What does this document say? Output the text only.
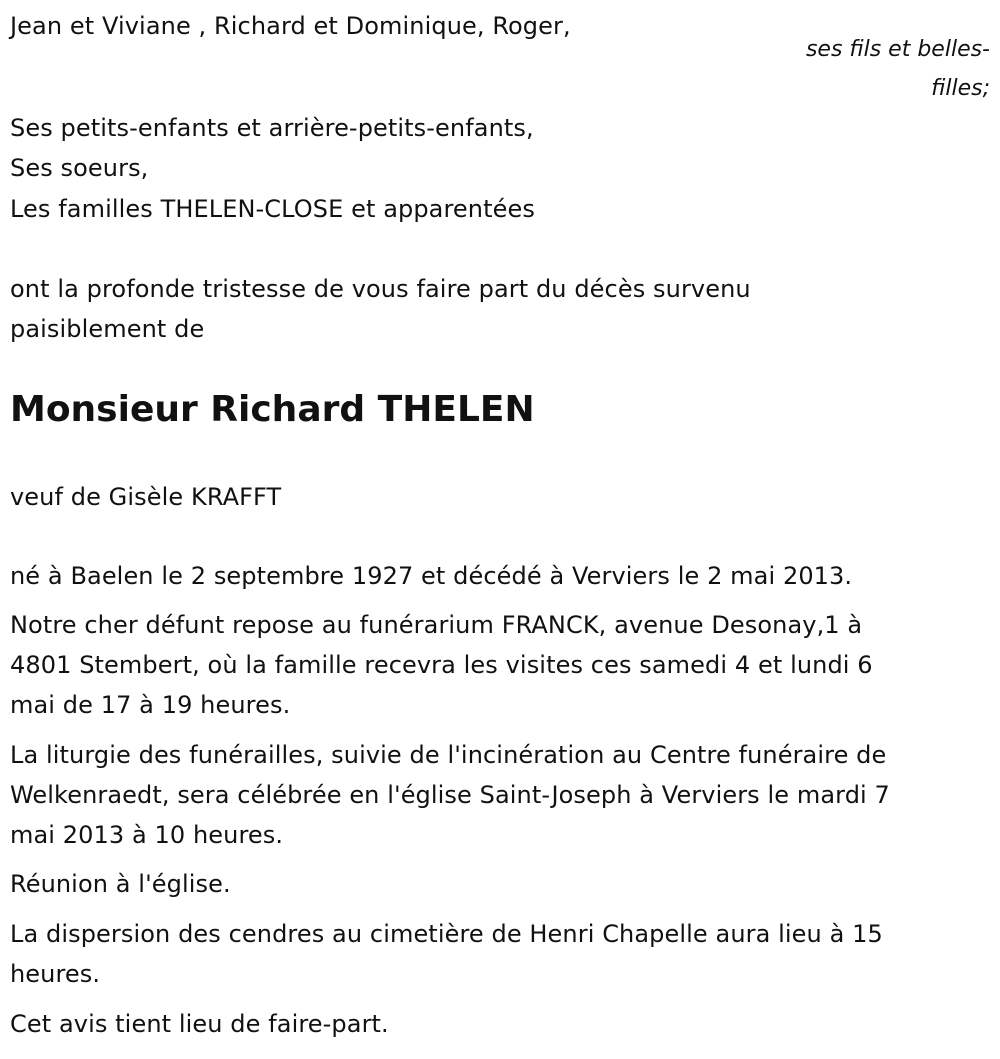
Jean et Viviane , Richard et Dominique, Roger,
ses fils et belles-
filles;
Ses petits-enfants et arrière-petits-enfants,
Ses soeurs,
Les familles THELEN-CLOSE et apparentées
ont la profonde tristesse de vous faire part du décès survenu
paisiblement de
Monsieur Richard THELEN
veuf de Gisèle KRAFFT
né à Baelen le 2 septembre 1927 et décédé à Verviers le 2 mai 2013.
Notre cher défunt repose au funérarium FRANCK, avenue Desonay,1 à
4801 Stembert, où la famille recevra les visites ces samedi 4 et lundi 6
mai de 17 à 19 heures.
La liturgie des funérailles, suivie de l'incinération au Centre funéraire de
Welkenraedt, sera célébrée en l'église Saint-Joseph à Verviers le mardi 7
mai 2013 à 10 heures.
Réunion à l'église.
La dispersion des cendres au cimetière de Henri Chapelle aura lieu à 15
heures.
Cet avis tient lieu de faire-part.
